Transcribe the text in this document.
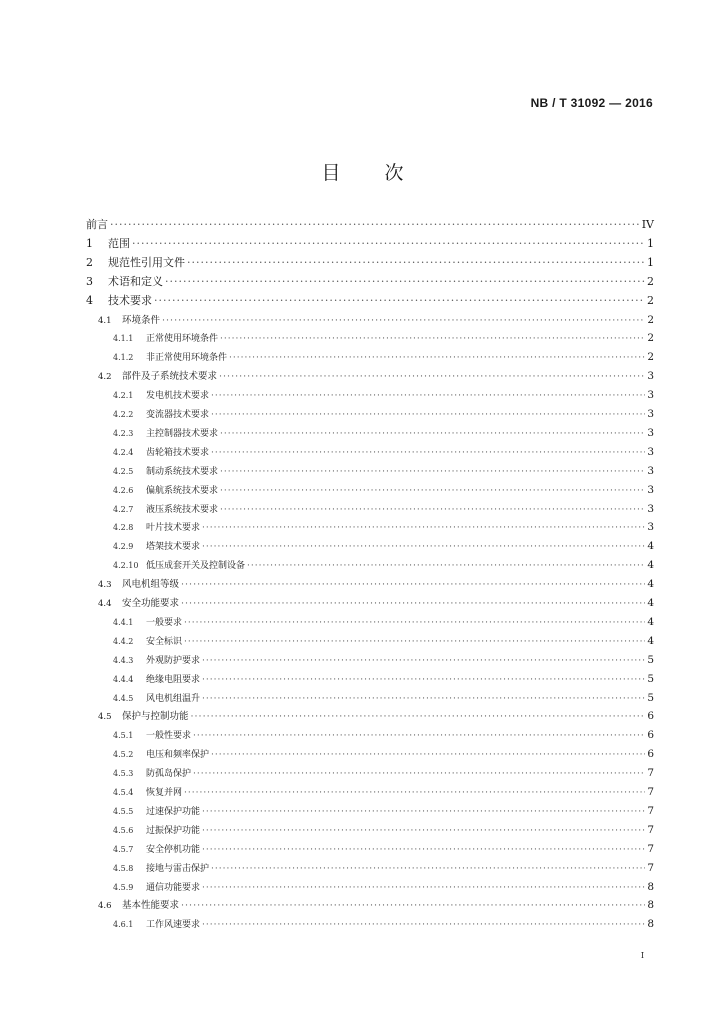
NB / T 31092 — 2016
目次
前言 ·····	IV
1	范围 ·····	1
2	规范性引用文件 ·····	1
3	术语和定义 ·····	2
4	技术要求 ·····	2
4.1	环境条件 ·····	2
4.1.1	正常使用环境条件 ·····	2
4.1.2	非正常使用环境条件 ·····	2
4.2	部件及子系统技术要求 ·····	3
4.2.1	发电机技术要求 ·····	3
4.2.2	变流器技术要求 ·····	3
4.2.3	主控制器技术要求 ·····	3
4.2.4	齿轮箱技术要求 ·····	3
4.2.5	制动系统技术要求 ·····	3
4.2.6	偏航系统技术要求 ·····	3
4.2.7	液压系统技术要求 ·····	3
4.2.8	叶片技术要求 ·····	3
4.2.9	塔架技术要求 ·····	4
4.2.10 低压成套开关及控制设备 ·····	4
4.3	风电机组等级 ·····	4
4.4	安全功能要求 ·····	4
4.4.1	一般要求 ·····	4
4.4.2	安全标识 ·····	4
4.4.3	外观防护要求 ·····	5
4.4.4	绝缘电阻要求 ·····	5
4.4.5	风电机组温升 ·····	5
4.5	保护与控制功能 ·····	6
4.5.1	一般性要求 ·····	6
4.5.2	电压和频率保护 ·····	6
4.5.3	防孤岛保护 ·····	7
4.5.4	恢复并网 ·····	7
4.5.5	过速保护功能 ·····	7
4.5.6	过振保护功能 ·····	7
4.5.7	安全停机功能 ·····	7
4.5.8	接地与雷击保护 ·····	7
4.5.9	通信功能要求 ·····	8
4.6	基本性能要求 ·····	8
4.6.1	工作风速要求 ·····	8
I
